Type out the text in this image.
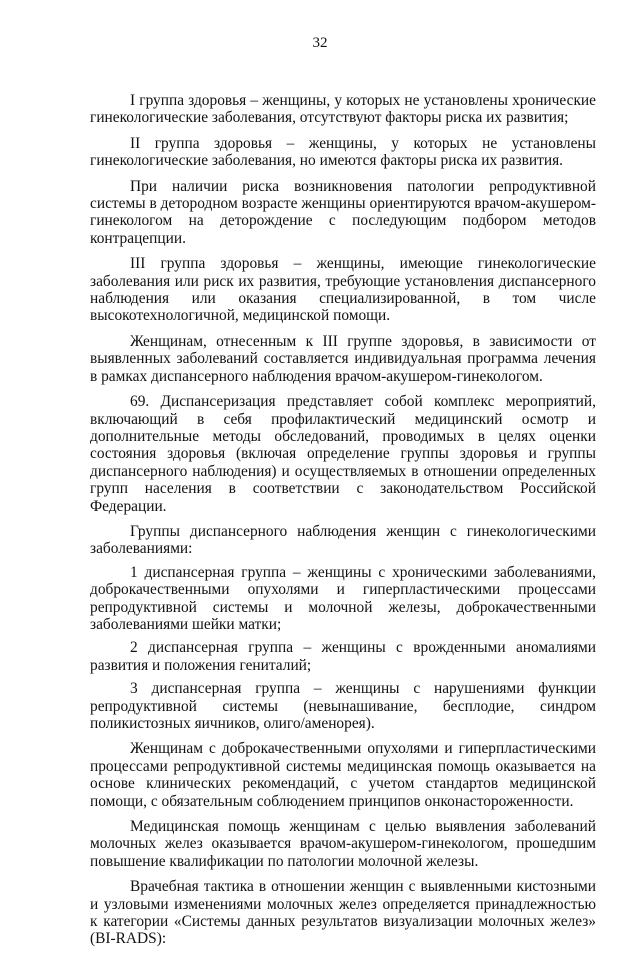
32

I группа здоровья – женщины, у которых не установлены хронические гинекологические заболевания, отсутствуют факторы риска их развития;

II группа здоровья – женщины, у которых не установлены гинекологические заболевания, но имеются факторы риска их развития.

При наличии риска возникновения патологии репродуктивной системы в детородном возрасте женщины ориентируются врачом-акушером-гинекологом на деторождение с последующим подбором методов контрацепции.

III группа здоровья – женщины, имеющие гинекологические заболевания или риск их развития, требующие установления диспансерного наблюдения или оказания специализированной, в том числе высокотехнологичной, медицинской помощи.

Женщинам, отнесенным к III группе здоровья, в зависимости от выявленных заболеваний составляется индивидуальная программа лечения в рамках диспансерного наблюдения врачом-акушером-гинекологом.

69. Диспансеризация представляет собой комплекс мероприятий, включающий в себя профилактический медицинский осмотр и дополнительные методы обследований, проводимых в целях оценки состояния здоровья (включая определение группы здоровья и группы диспансерного наблюдения) и осуществляемых в отношении определенных групп населения в соответствии с законодательством Российской Федерации.

Группы диспансерного наблюдения женщин с гинекологическими заболеваниями:

1 диспансерная группа – женщины с хроническими заболеваниями, доброкачественными опухолями и гиперпластическими процессами репродуктивной системы и молочной железы, доброкачественными заболеваниями шейки матки;

2 диспансерная группа – женщины с врожденными аномалиями развития и положения гениталий;

3 диспансерная группа – женщины с нарушениями функции репродуктивной системы (невынашивание, бесплодие, синдром поликистозных яичников, олиго/аменорея).

Женщинам с доброкачественными опухолями и гиперпластическими процессами репродуктивной системы медицинская помощь оказывается на основе клинических рекомендаций, с учетом стандартов медицинской помощи, с обязательным соблюдением принципов онконастороженности.

Медицинская помощь женщинам с целью выявления заболеваний молочных желез оказывается врачом-акушером-гинекологом, прошедшим повышение квалификации по патологии молочной железы.

Врачебная тактика в отношении женщин с выявленными кистозными и узловыми изменениями молочных желез определяется принадлежностью к категории «Системы данных результатов визуализации молочных желез» (BI-RADS):
